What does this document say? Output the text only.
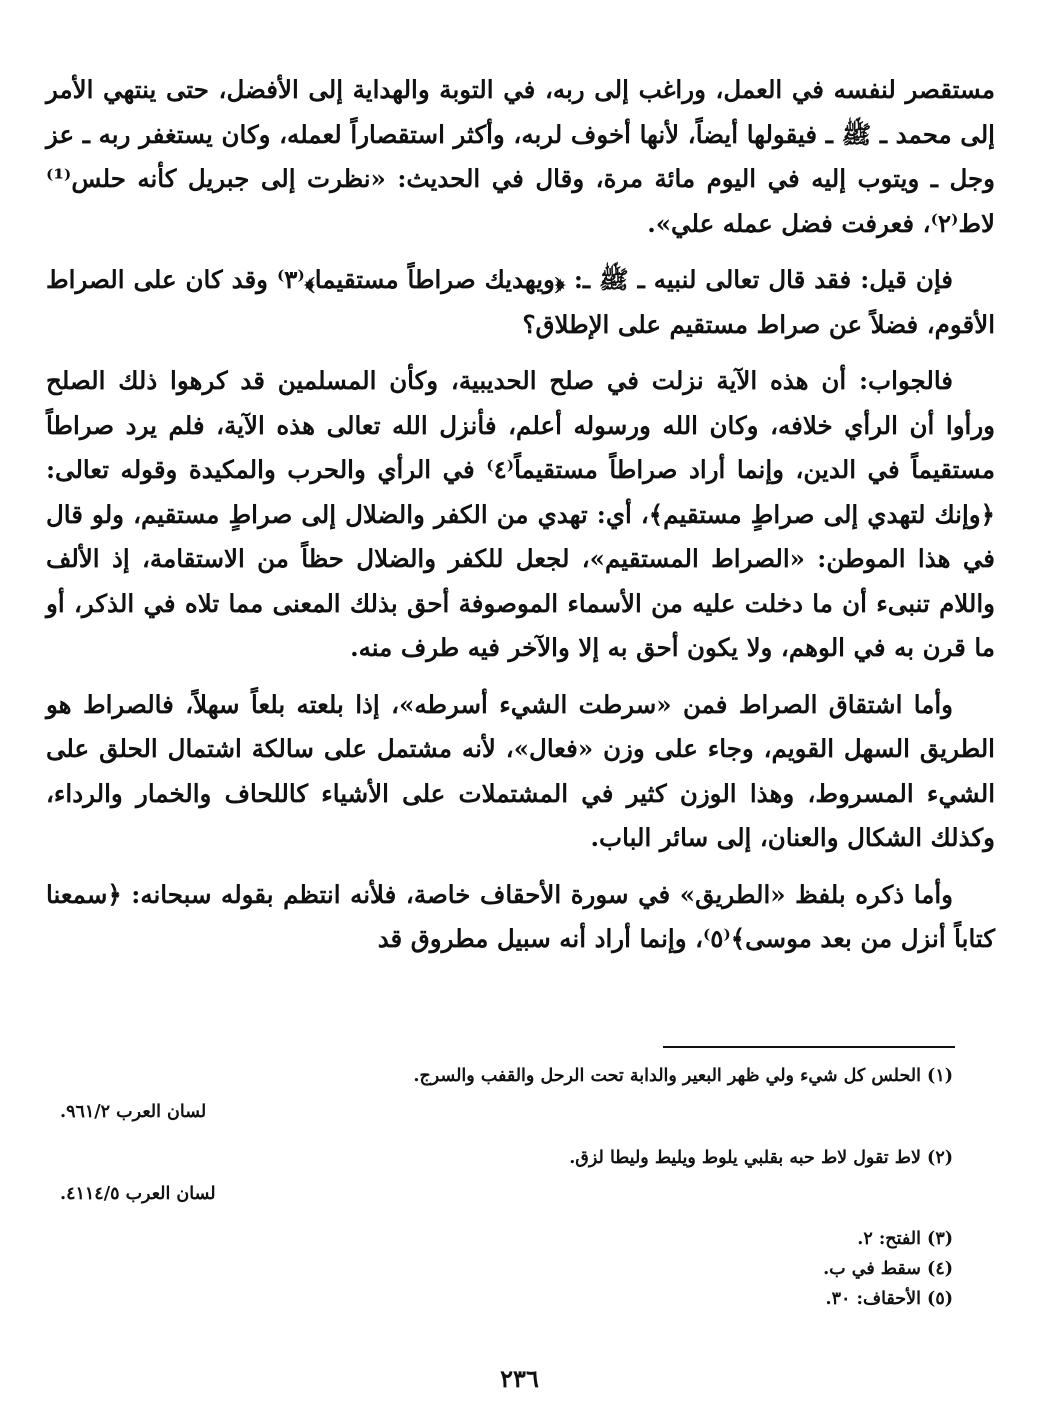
مستقصر لنفسه في العمل، وراغب إلى ربه، في التوبة والهداية إلى الأفضل، حتى ينتهي الأمر إلى محمد ـ ﷺ ـ فيقولها أيضاً، لأنها أخوف لربه، وأكثر استقصاراً لعمله، وكان يستغفر ربه ـ عز وجل ـ ويتوب إليه في اليوم مائة مرة، وقال في الحديث: «نظرت إلى جبريل كأنه حلس⁽¹⁾ لاط⁽٢⁾، فعرفت فضل عمله علي».

فإن قيل: فقد قال تعالى لنبيه ـ ﷺ ـ: ﴿ويهديك صراطاً مستقيما﴾⁽٣⁾ وقد كان على الصراط الأقوم، فضلاً عن صراط مستقيم على الإطلاق؟

فالجواب: أن هذه الآية نزلت في صلح الحديبية، وكأن المسلمين قد كرهوا ذلك الصلح ورأوا أن الرأي خلافه، وكان الله ورسوله أعلم، فأنزل الله تعالى هذه الآية، فلم يرد صراطاً مستقيماً في الدين، وإنما أراد صراطاً مستقيماً⁽٤⁾ في الرأي والحرب والمكيدة وقوله تعالى: ﴿وإنك لتهدي إلى صراطٍ مستقيم﴾، أي: تهدي من الكفر والضلال إلى صراطٍ مستقيم، ولو قال في هذا الموطن: «الصراط المستقيم»، لجعل للكفر والضلال حظاً من الاستقامة، إذ الألف واللام تنبىء أن ما دخلت عليه من الأسماء الموصوفة أحق بذلك المعنى مما تلاه في الذكر، أو ما قرن به في الوهم، ولا يكون أحق به إلا والآخر فيه طرف منه.

وأما اشتقاق الصراط فمن «سرطت الشيء أسرطه»، إذا بلعته بلعاً سهلاً، فالصراط هو الطريق السهل القويم، وجاء على وزن «فعال»، لأنه مشتمل على سالكة اشتمال الحلق على الشيء المسروط، وهذا الوزن كثير في المشتملات على الأشياء كاللحاف والخمار والرداء، وكذلك الشكال والعنان، إلى سائر الباب.

وأما ذكره بلفظ «الطريق» في سورة الأحقاف خاصة، فلأنه انتظم بقوله سبحانه: ﴿سمعنا كتاباً أنزل من بعد موسى﴾⁽٥⁾، وإنما أراد أنه سبيل مطروق قد

(١) الحلس كل شيء ولي ظهر البعير والدابة تحت الرحل والقفب والسرج.

لسان العرب ٩٦١/٢.

(٢) لاط تقول لاط حبه بقلبي يلوط ويليط وليطا لزق.

لسان العرب ٤١١٤/٥.

(٣) الفتح: ٢.

(٤) سقط في ب.

(٥) الأحقاف: ٣٠.

٢٣٦
